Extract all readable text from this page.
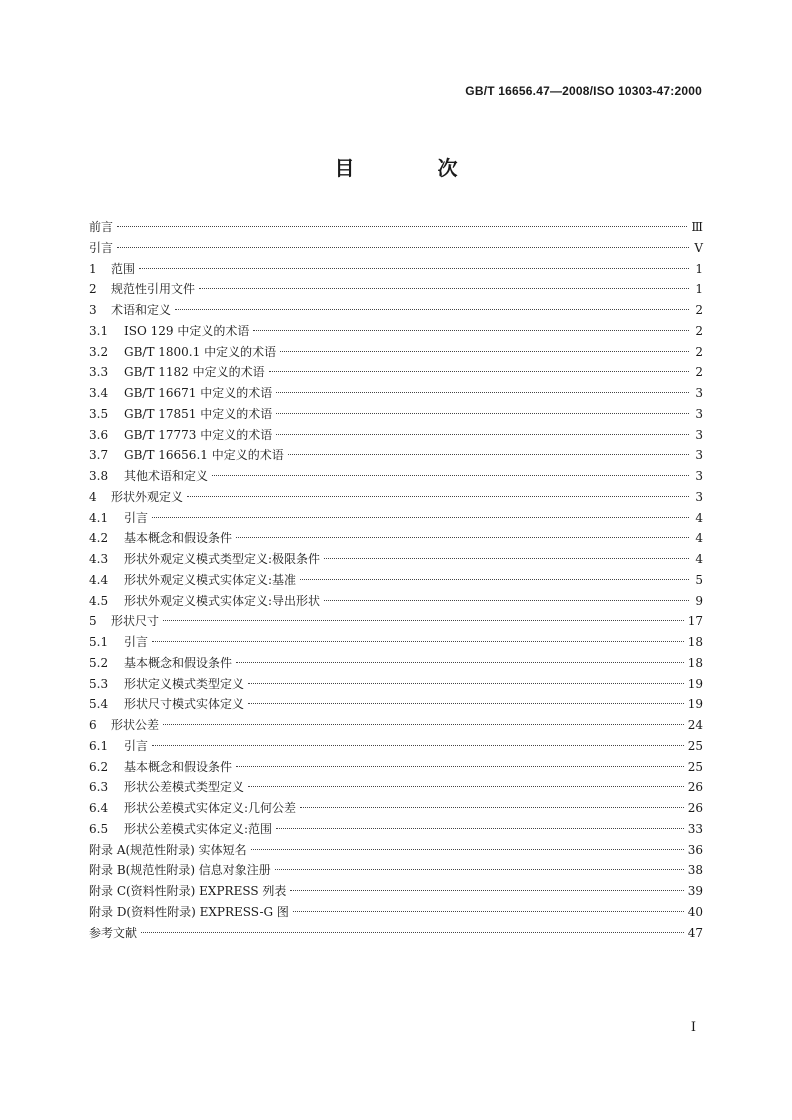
GB/T 16656.47—2008/ISO 10303-47:2000
目 次
前言	Ⅲ
引言	Ⅴ
1	范围	1
2	规范性引用文件	1
3	术语和定义	2
3.1	ISO 129 中定义的术语	2
3.2	GB/T 1800.1 中定义的术语	2
3.3	GB/T 1182 中定义的术语	2
3.4	GB/T 16671 中定义的术语	3
3.5	GB/T 17851 中定义的术语	3
3.6	GB/T 17773 中定义的术语	3
3.7	GB/T 16656.1 中定义的术语	3
3.8	其他术语和定义	3
4	形状外观定义	3
4.1	引言	4
4.2	基本概念和假设条件	4
4.3	形状外观定义模式类型定义:极限条件	4
4.4	形状外观定义模式实体定义:基准	5
4.5	形状外观定义模式实体定义:导出形状	9
5	形状尺寸	17
5.1	引言	18
5.2	基本概念和假设条件	18
5.3	形状定义模式类型定义	19
5.4	形状尺寸模式实体定义	19
6	形状公差	24
6.1	引言	25
6.2	基本概念和假设条件	25
6.3	形状公差模式类型定义	26
6.4	形状公差模式实体定义:几何公差	26
6.5	形状公差模式实体定义:范围	33
附录 A(规范性附录) 实体短名	36
附录 B(规范性附录) 信息对象注册	38
附录 C(资料性附录) EXPRESS 列表	39
附录 D(资料性附录) EXPRESS-G 图	40
参考文献	47
Ⅰ
